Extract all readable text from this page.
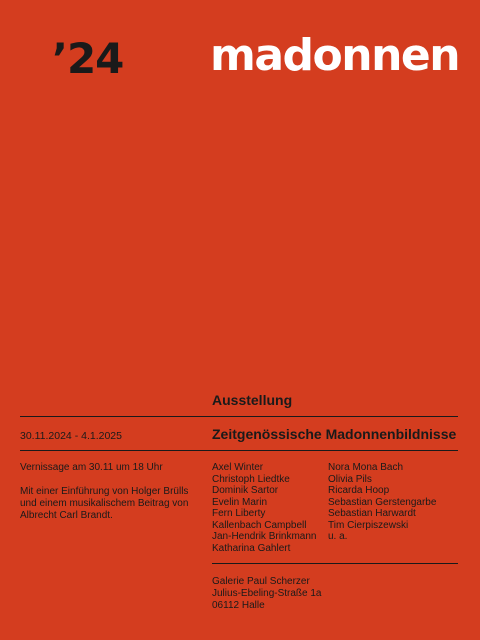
’24 madonnen
Ausstellung
30.11.2024 - 4.1.2025	Zeitgenössische Madonnenbildnisse

Vernissage am 30.11 um 18 Uhr

Mit einer Einführung von Holger Brülls und einem musikalischem Beitrag von Albrecht Carl Brandt.

Axel Winter
Christoph Liedtke
Dominik Sartor
Evelin Marin
Fern Liberty
Kallenbach Campbell
Jan-Hendrik Brinkmann
Katharina Gahlert
Nora Mona Bach
Olivia Pils
Ricarda Hoop
Sebastian Gerstengarbe
Sebastian Harwardt
Tim Cierpiszewski
u. a.
Galerie Paul Scherzer
Julius-Ebeling-Straße 1a
06112 Halle
